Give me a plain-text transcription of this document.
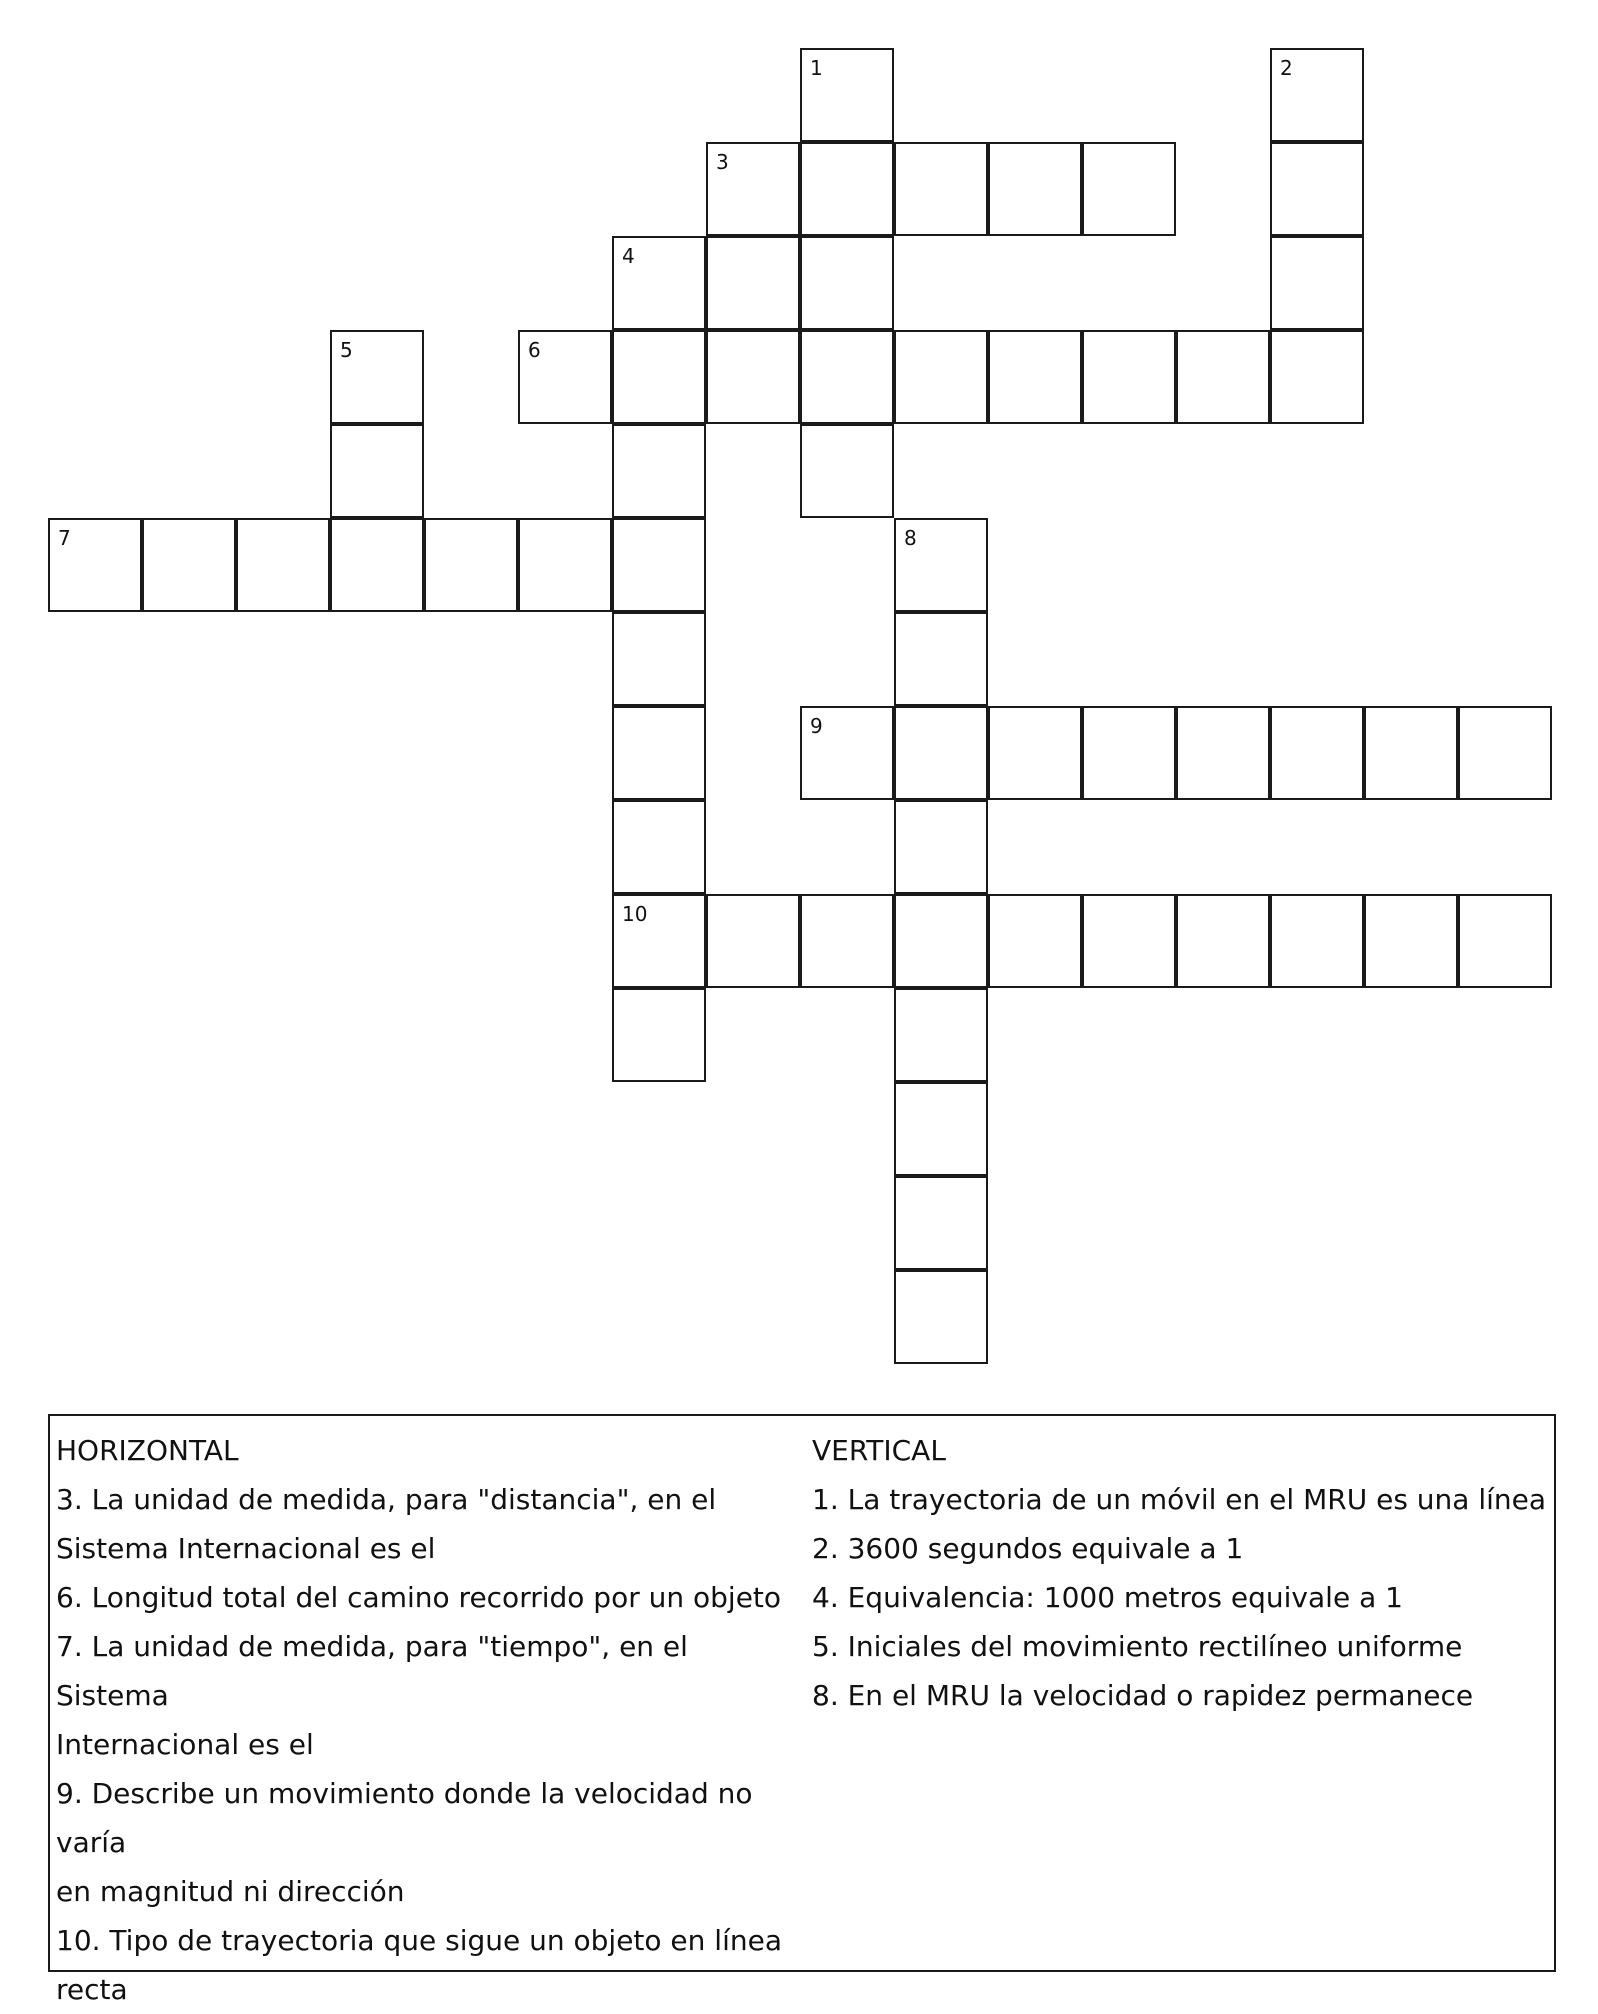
1	2
3
4
5	6
7	8
9
10
HORIZONTAL
3. La unidad de medida, para "distancia", en el
Sistema Internacional es el
6. Longitud total del camino recorrido por un objeto
7. La unidad de medida, para "tiempo", en el Sistema
Internacional es el
9. Describe un movimiento donde la velocidad no varía
en magnitud ni dirección
10. Tipo de trayectoria que sigue un objeto en línea
recta
VERTICAL
1. La trayectoria de un móvil en el MRU es una línea
2. 3600 segundos equivale a 1
4. Equivalencia: 1000 metros equivale a 1
5. Iniciales del movimiento rectilíneo uniforme
8. En el MRU la velocidad o rapidez permanece
